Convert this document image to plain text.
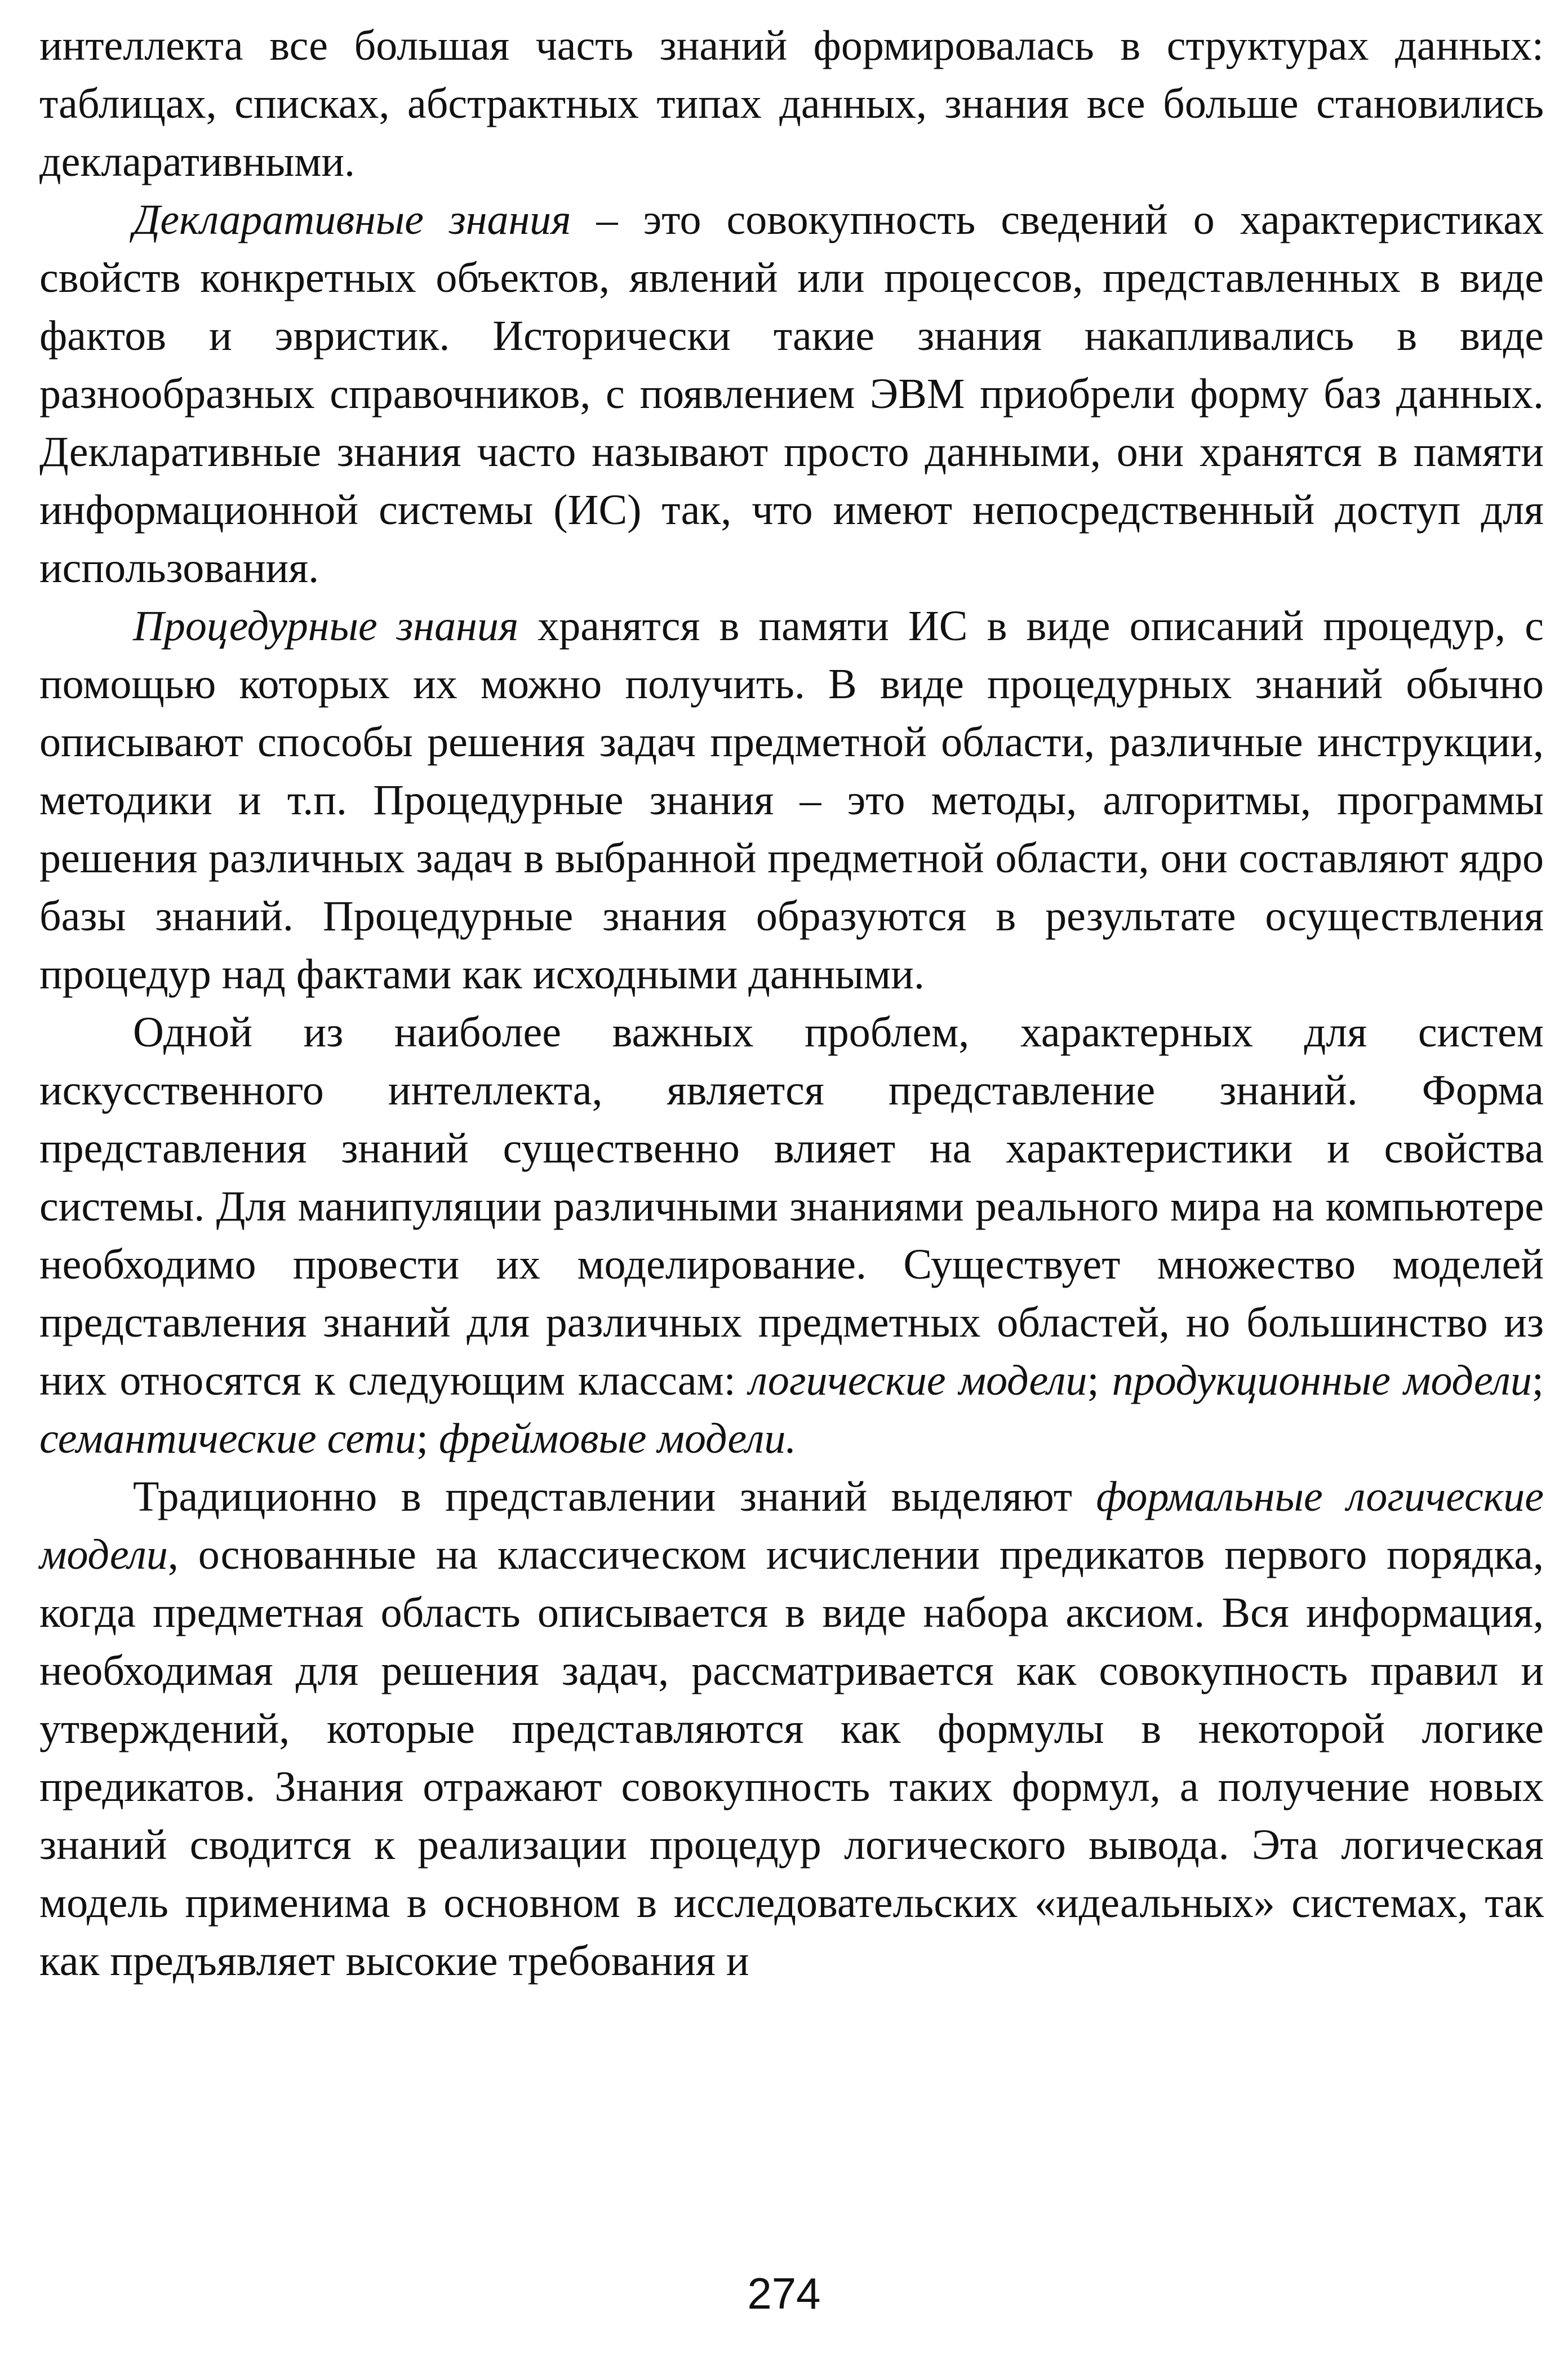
интеллекта все большая часть знаний формировалась в структурах данных: таблицах, списках, абстрактных типах данных, знания все больше становились декларативными.

Декларативные знания – это совокупность сведений о характеристиках свойств конкретных объектов, явлений или процессов, представленных в виде фактов и эвристик. Исторически такие знания накапливались в виде разнообразных справочников, с появлением ЭВМ приобрели форму баз данных. Декларативные знания часто называют просто данными, они хранятся в памяти информационной системы (ИС) так, что имеют непосредственный доступ для использования.

Процедурные знания хранятся в памяти ИС в виде описаний процедур, с помощью которых их можно получить. В виде процедурных знаний обычно описывают способы решения задач предметной области, различные инструкции, методики и т.п. Процедурные знания – это методы, алгоритмы, программы решения различных задач в выбранной предметной области, они составляют ядро базы знаний. Процедурные знания образуются в результате осуществления процедур над фактами как исходными данными.

Одной из наиболее важных проблем, характерных для систем искусственного интеллекта, является представление знаний. Форма представления знаний существенно влияет на характеристики и свойства системы. Для манипуляции различными знаниями реального мира на компьютере необходимо провести их моделирование. Существует множество моделей представления знаний для различных предметных областей, но большинство из них относятся к следующим классам: логические модели; продукционные модели; семантические сети; фреймовые модели.

Традиционно в представлении знаний выделяют формальные логические модели, основанные на классическом исчислении предикатов первого порядка, когда предметная область описывается в виде набора аксиом. Вся информация, необходимая для решения задач, рассматривается как совокупность правил и утверждений, которые представляются как формулы в некоторой логике предикатов. Знания отражают совокупность таких формул, а получение новых знаний сводится к реализации процедур логического вывода. Эта логическая модель применима в основном в исследовательских «идеальных» системах, так как предъявляет высокие требования и

274
